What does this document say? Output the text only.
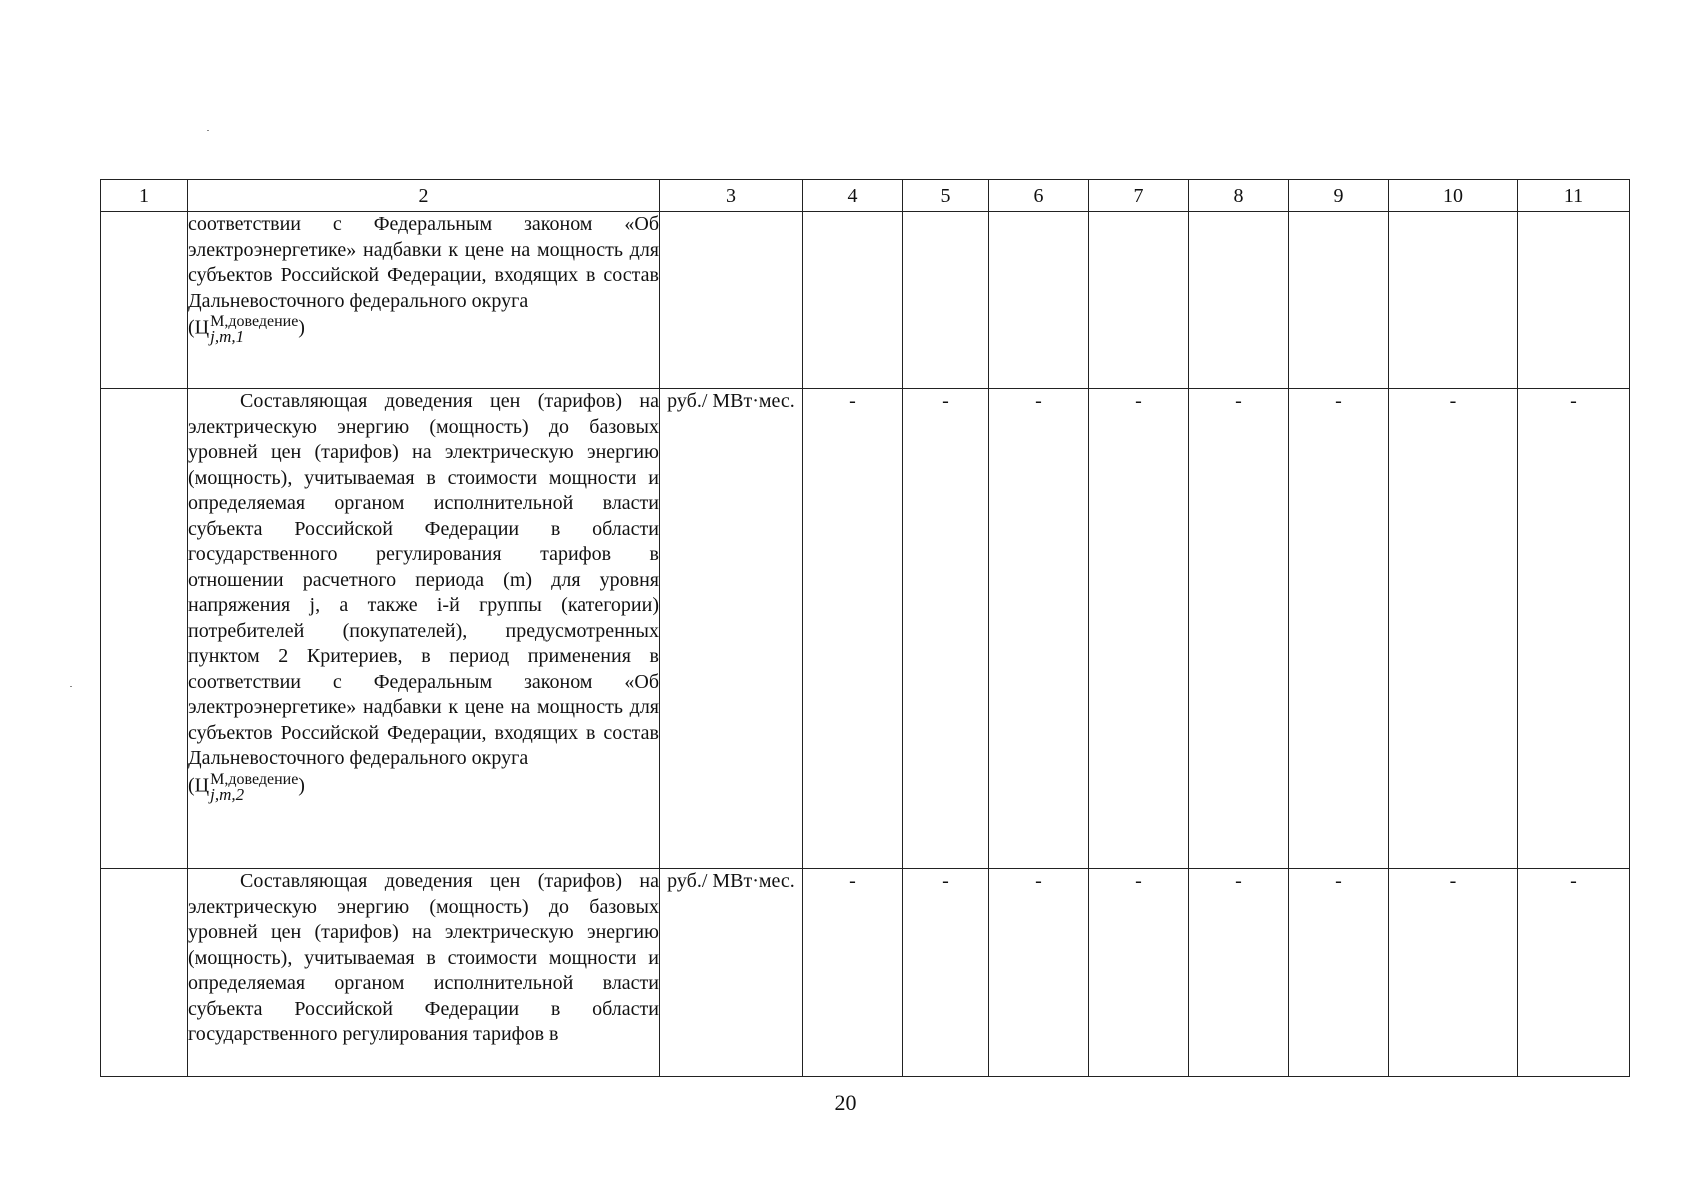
1	2	3	4	5	6	7	8	9	10	11

	соответствии с Федеральным законом «Об электроэнергетике» надбавки к цене на мощность для субъектов Российской Федерации, входящих в состав Дальневосточного федерального округа
(Ц М,доведение
j,m,1 )									

	Составляющая доведения цен (тарифов) на электрическую энергию (мощность) до базовых уровней цен (тарифов) на электрическую энергию (мощность), учитываемая в стоимости мощности и определяемая органом исполнительной власти субъекта Российской Федерации в области государственного регулирования тарифов в отношении расчетного периода (m) для уровня напряжения j, а также i-й группы (категории) потребителей (покупателей), предусмотренных пунктом 2 Критериев, в период применения в соответствии с Федеральным законом «Об электроэнергетике» надбавки к цене на мощность для субъектов Российской Федерации, входящих в состав Дальневосточного федерального округа
(Ц М,доведение
j,m,2 )	руб./ МВт·мес.	-	-	-	-	-	-	-	-

	Составляющая доведения цен (тарифов) на электрическую энергию (мощность) до базовых уровней цен (тарифов) на электрическую энергию (мощность), учитываемая в стоимости мощности и определяемая органом исполнительной власти субъекта Российской Федерации в области государственного регулирования тарифов в	руб./ МВт·мес.	-	-	-	-	-	-	-	-
20
